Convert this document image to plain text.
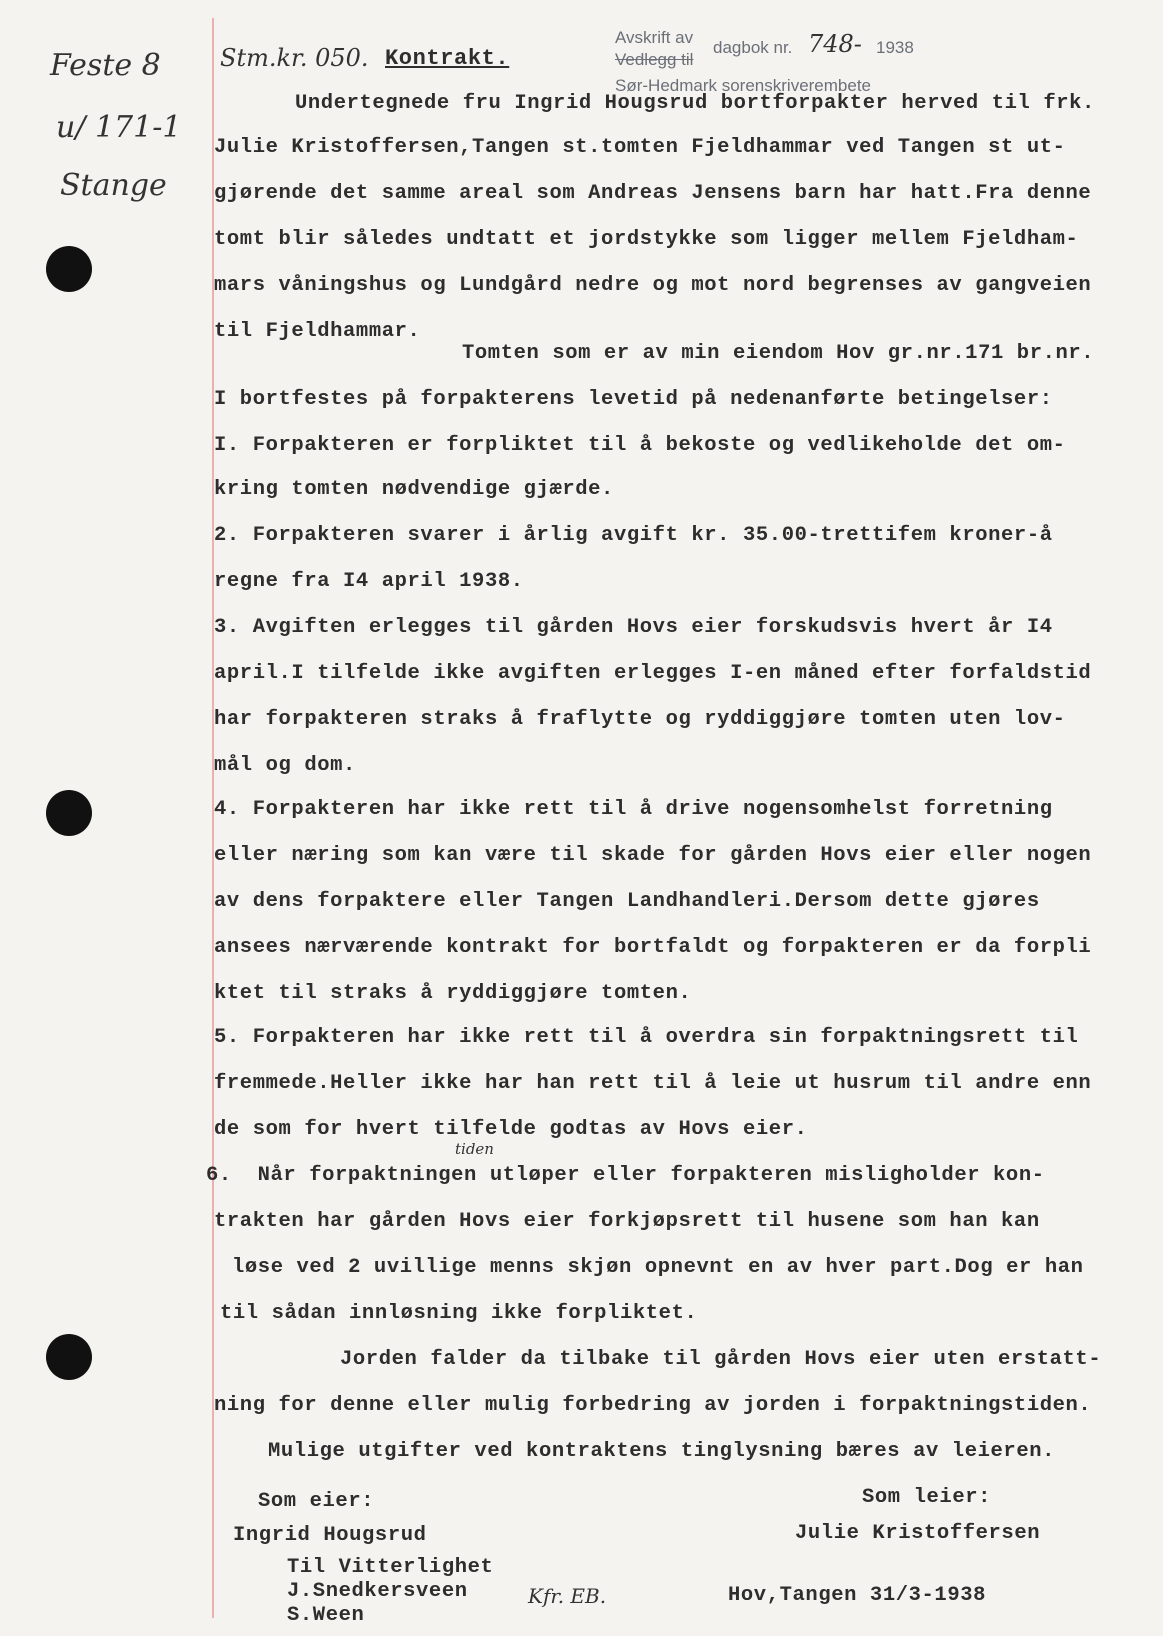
Feste 8
u/ 171-1
Stange
Stm.kr. 050. Kontrakt.
Avskrift av
Vedlegg til
dagbok nr. 748- 1938
Sør-Hedmark sorenskriverembete
Undertegnede fru Ingrid Hougsrud bortforpakter herved til frk.
Julie Kristoffersen,Tangen st.tomten Fjeldhammar ved Tangen st ut-
gjørende det samme areal som Andreas Jensens barn har hatt.Fra denne
tomt blir således undtatt et jordstykke som ligger mellem Fjeldham-
mars våningshus og Lundgård nedre og mot nord begrenses av gangveien
til Fjeldhammar.
Tomten som er av min eiendom Hov gr.nr.171 br.nr.
I bortfestes på forpakterens levetid på nedenanførte betingelser:
I. Forpakteren er forpliktet til å bekoste og vedlikeholde det om-
kring tomten nødvendige gjærde.
2. Forpakteren svarer i årlig avgift kr. 35.00-trettifem kroner-å
regne fra I4 april 1938.
3. Avgiften erlegges til gården Hovs eier forskudsvis hvert år I4
april.I tilfelde ikke avgiften erlegges I-en måned efter forfaldstid
har forpakteren straks å fraflytte og ryddiggjøre tomten uten lov-
mål og dom.
4. Forpakteren har ikke rett til å drive nogensomhelst forretning
eller næring som kan være til skade for gården Hovs eier eller nogen
av dens forpaktere eller Tangen Landhandleri.Dersom dette gjøres
ansees nærværende kontrakt for bortfaldt og forpakteren er da forpli
ktet til straks å ryddiggjøre tomten.
5. Forpakteren har ikke rett til å overdra sin forpaktningsrett til
fremmede.Heller ikke har han rett til å leie ut husrum til andre enn
de som for hvert tilfelde godtas av Hovs eier.
tiden
6.  Når forpaktningen utløper eller forpakteren misligholder kon-
trakten har gården Hovs eier forkjøpsrett til husene som han kan
løse ved 2 uvillige menns skjøn opnevnt en av hver part.Dog er han
til sådan innløsning ikke forpliktet.
Jorden falder da tilbake til gården Hovs eier uten erstatt-
ning for denne eller mulig forbedring av jorden i forpaktningstiden.
Mulige utgifter ved kontraktens tinglysning bæres av leieren.
Som eier:	Som leier:
Ingrid Hougsrud	Julie Kristoffersen
Til Vitterlighet
J.Snedkersveen	Kfr. EB.	Hov,Tangen 31/3-1938
S.Ween
